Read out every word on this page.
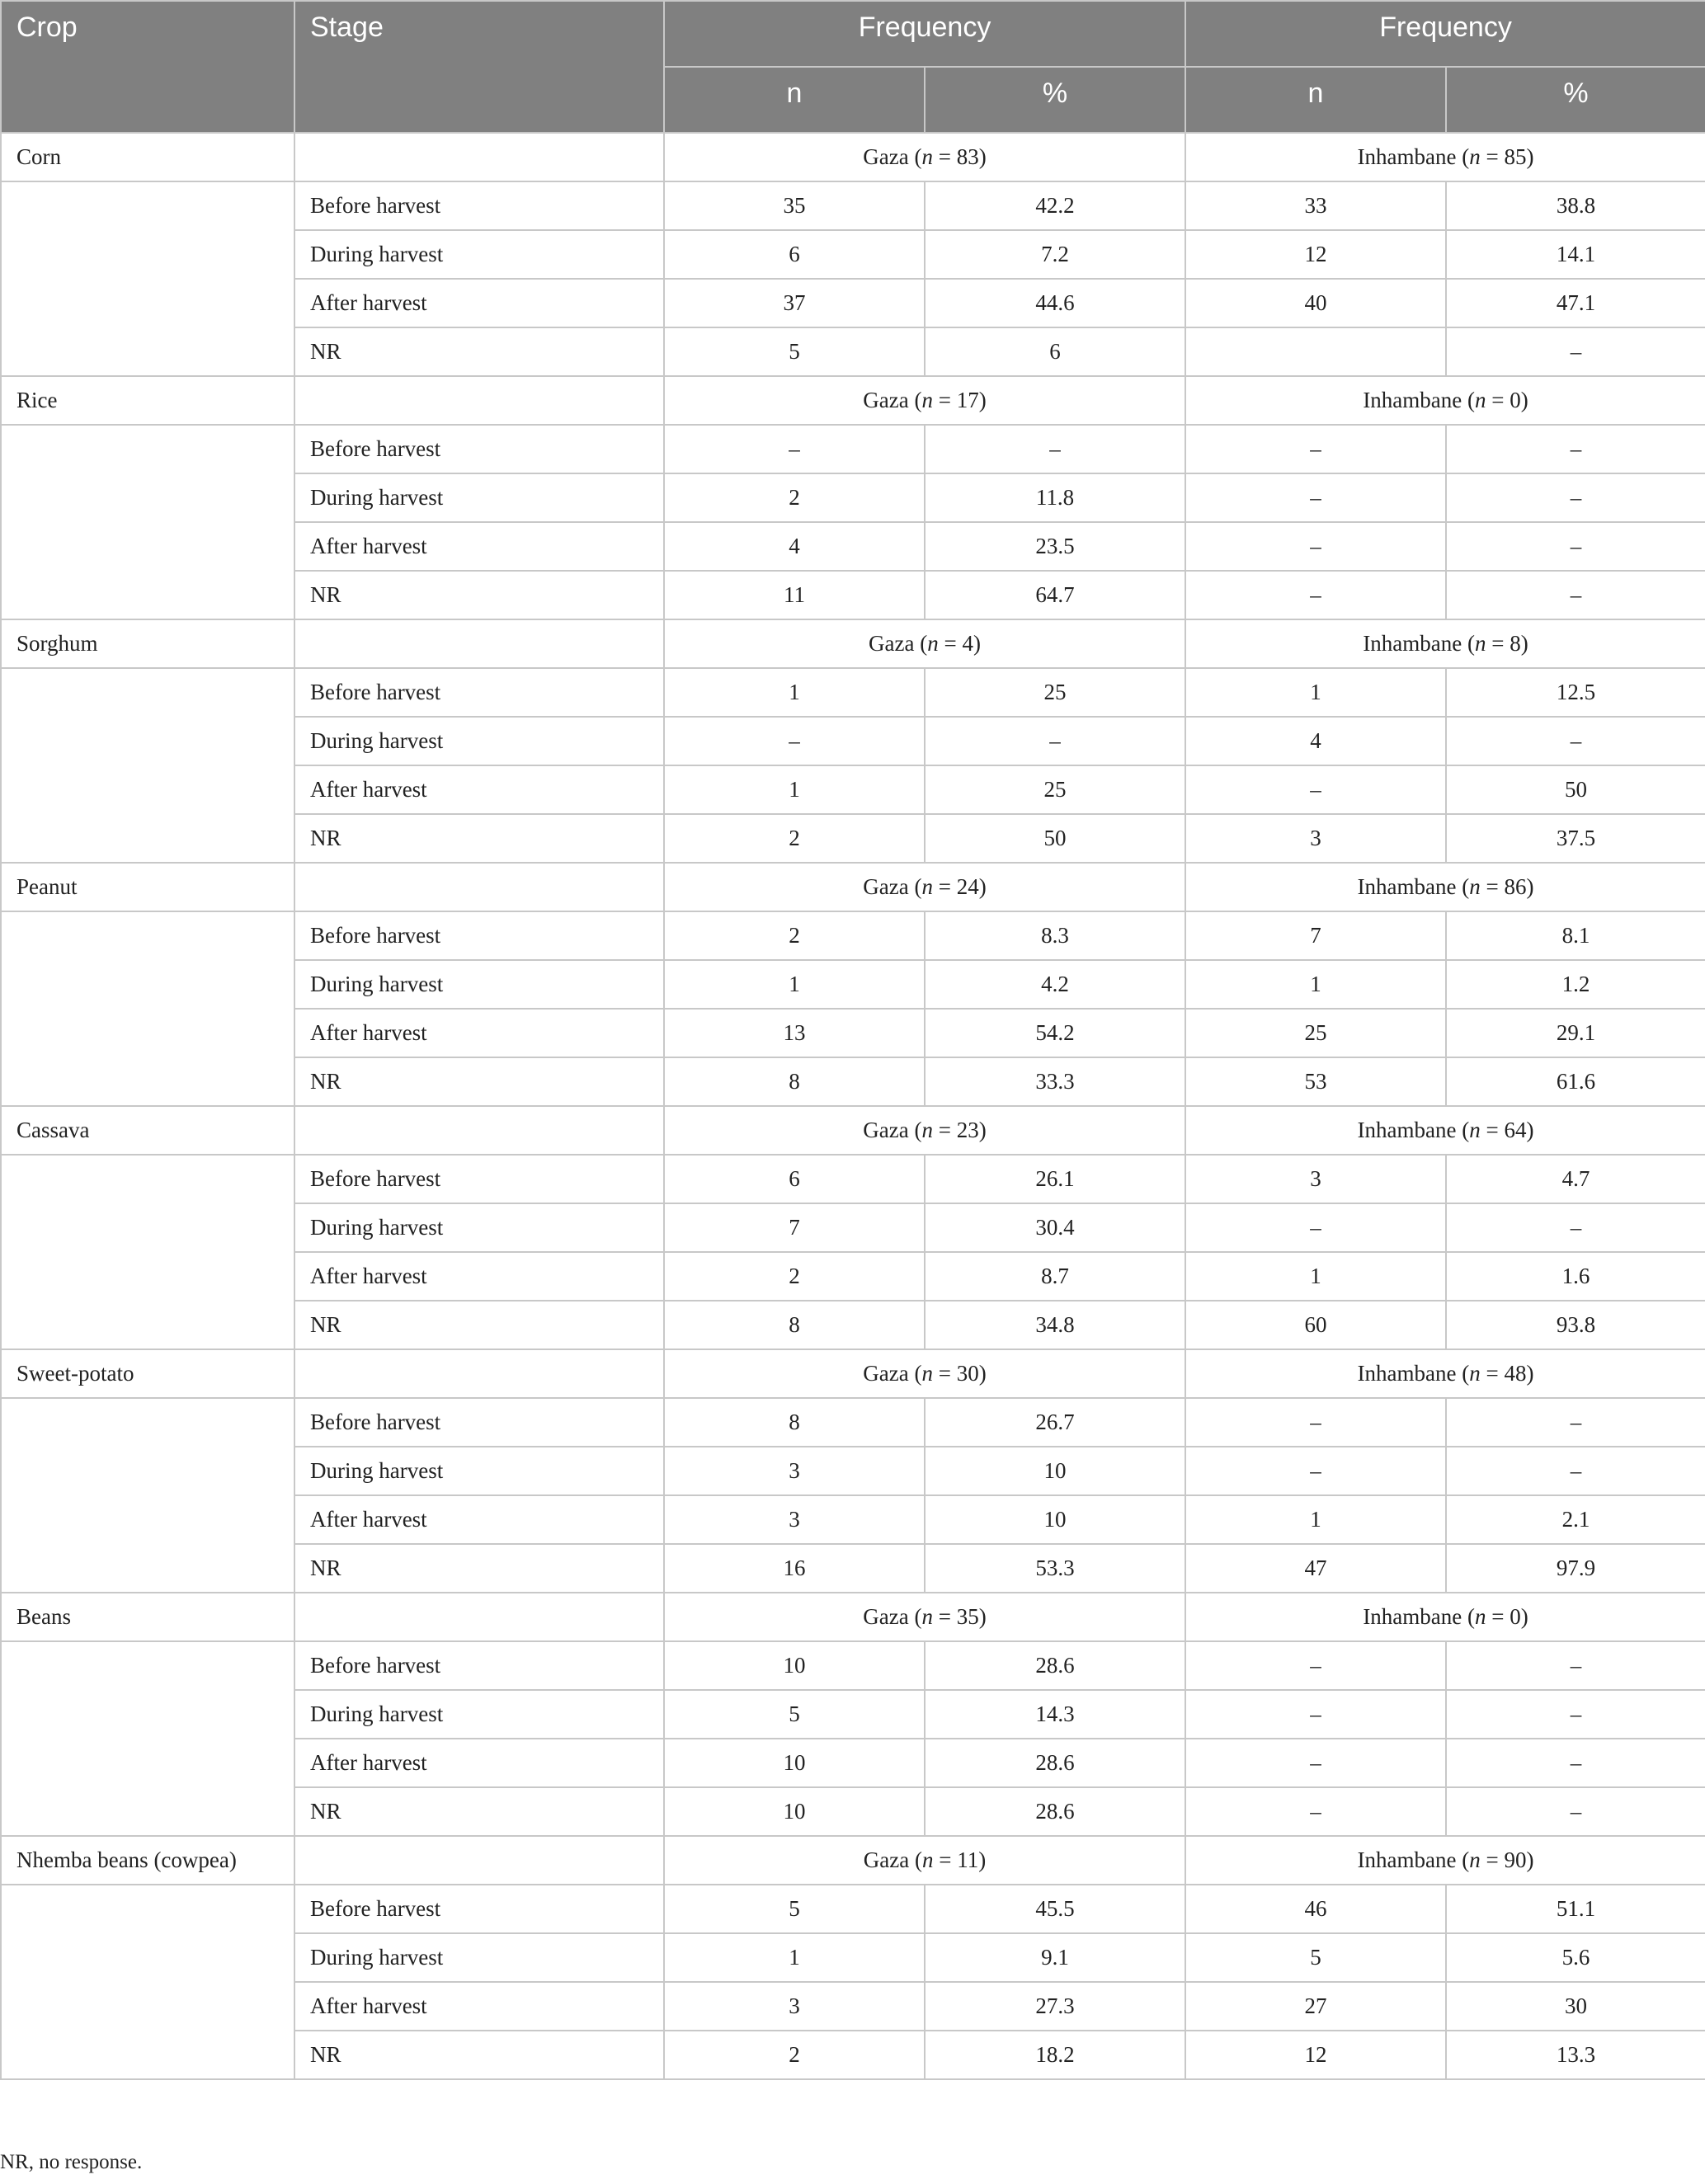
Crop	Stage	Frequency		Frequency	
		n	%	n	%
Corn		Gaza (n = 83)		Inhambane (n = 85)	
	Before harvest	35	42.2	33	38.8
	During harvest	6	7.2	12	14.1
	After harvest	37	44.6	40	47.1
	NR	5	6		–
Rice		Gaza (n = 17)		Inhambane (n = 0)	
	Before harvest	–	–	–	–
	During harvest	2	11.8	–	–
	After harvest	4	23.5	–	–
	NR	11	64.7	–	–
Sorghum		Gaza (n = 4)		Inhambane (n = 8)	
	Before harvest	1	25	1	12.5
	During harvest	–	–	4	–
	After harvest	1	25	–	50
	NR	2	50	3	37.5
Peanut		Gaza (n = 24)		Inhambane (n = 86)	
	Before harvest	2	8.3	7	8.1
	During harvest	1	4.2	1	1.2
	After harvest	13	54.2	25	29.1
	NR	8	33.3	53	61.6
Cassava		Gaza (n = 23)		Inhambane (n = 64)	
	Before harvest	6	26.1	3	4.7
	During harvest	7	30.4	–	–
	After harvest	2	8.7	1	1.6
	NR	8	34.8	60	93.8
Sweet-potato		Gaza (n = 30)		Inhambane (n = 48)	
	Before harvest	8	26.7	–	–
	During harvest	3	10	–	–
	After harvest	3	10	1	2.1
	NR	16	53.3	47	97.9
Beans		Gaza (n = 35)		Inhambane (n = 0)	
	Before harvest	10	28.6	–	–
	During harvest	5	14.3	–	–
	After harvest	10	28.6	–	–
	NR	10	28.6	–	–
Nhemba beans (cowpea)		Gaza (n = 11)		Inhambane (n = 90)	
	Before harvest	5	45.5	46	51.1
	During harvest	1	9.1	5	5.6
	After harvest	3	27.3	27	30
	NR	2	18.2	12	13.3
NR, no response.
